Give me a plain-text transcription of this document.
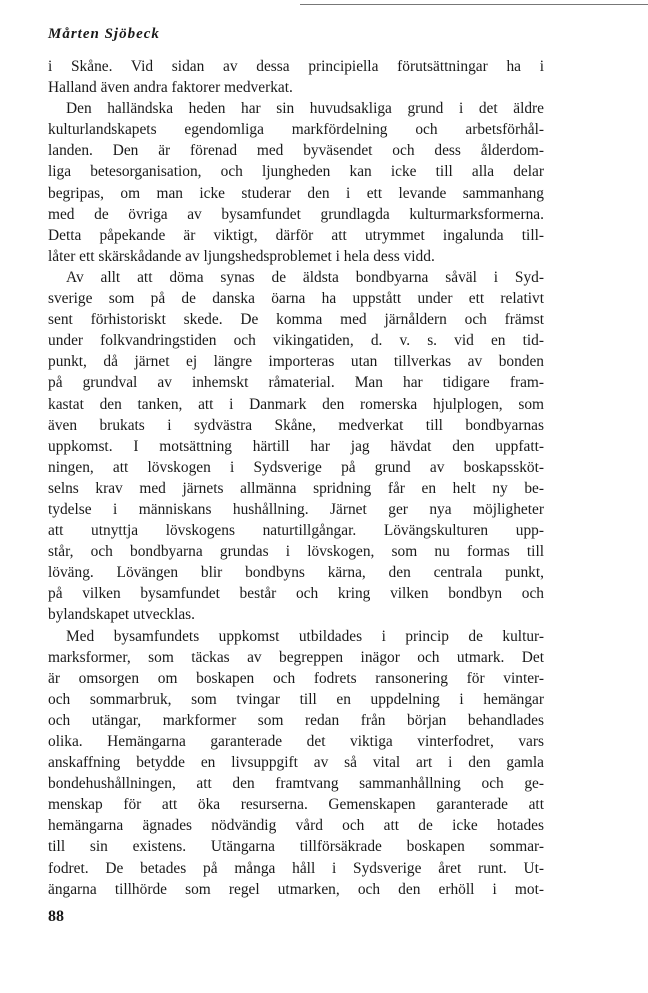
Mårten Sjöbeck
i Skåne. Vid sidan av dessa principiella förutsättningar ha i
Halland även andra faktorer medverkat.
Den halländska heden har sin huvudsakliga grund i det äldre
kulturlandskapets egendomliga markfördelning och arbetsförhål-
landen. Den är förenad med byväsendet och dess ålderdom-
liga betesorganisation, och ljungheden kan icke till alla delar
begripas, om man icke studerar den i ett levande sammanhang
med de övriga av bysamfundet grundlagda kulturmarksformerna.
Detta påpekande är viktigt, därför att utrymmet ingalunda till-
låter ett skärskådande av ljungshedsproblemet i hela dess vidd.
Av allt att döma synas de äldsta bondbyarna såväl i Syd-
sverige som på de danska öarna ha uppstått under ett relativt
sent förhistoriskt skede. De komma med järnåldern och främst
under folkvandringstiden och vikingatiden, d. v. s. vid en tid-
punkt, då järnet ej längre importeras utan tillverkas av bonden
på grundval av inhemskt råmaterial. Man har tidigare fram-
kastat den tanken, att i Danmark den romerska hjulplogen, som
även brukats i sydvästra Skåne, medverkat till bondbyarnas
uppkomst. I motsättning härtill har jag hävdat den uppfatt-
ningen, att lövskogen i Sydsverige på grund av boskapssköt-
selns krav med järnets allmänna spridning får en helt ny be-
tydelse i människans hushållning. Järnet ger nya möjligheter
att utnyttja lövskogens naturtillgångar. Lövängskulturen upp-
står, och bondbyarna grundas i lövskogen, som nu formas till
löväng. Lövängen blir bondbyns kärna, den centrala punkt,
på vilken bysamfundet består och kring vilken bondbyn och
bylandskapet utvecklas.
Med bysamfundets uppkomst utbildades i princip de kultur-
marksformer, som täckas av begreppen inägor och utmark. Det
är omsorgen om boskapen och fodrets ransonering för vinter-
och sommarbruk, som tvingar till en uppdelning i hemängar
och utängar, markformer som redan från början behandlades
olika. Hemängarna garanterade det viktiga vinterfodret, vars
anskaffning betydde en livsuppgift av så vital art i den gamla
bondehushållningen, att den framtvang sammanhållning och ge-
menskap för att öka resurserna. Gemenskapen garanterade att
hemängarna ägnades nödvändig vård och att de icke hotades
till sin existens. Utängarna tillförsäkrade boskapen sommar-
fodret. De betades på många håll i Sydsverige året runt. Ut-
ängarna tillhörde som regel utmarken, och den erhöll i mot-
88
